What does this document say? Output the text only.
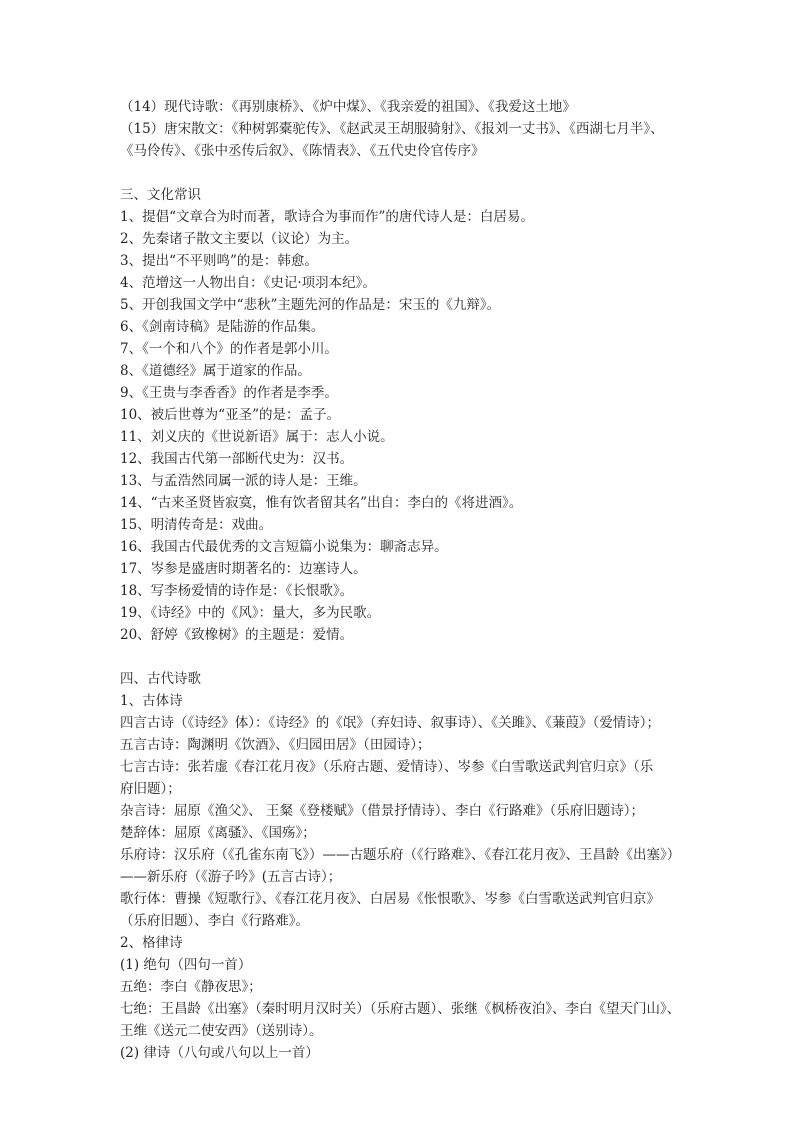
（14）现代诗歌：《再别康桥》、《炉中煤》、《我亲爱的祖国》、《我爱这土地》
（15）唐宋散文：《种树郭橐驼传》、《赵武灵王胡服骑射》、《报刘一丈书》、《西湖七月半》、
《马伶传》、《张中丞传后叙》、《陈情表》、《五代史伶官传序》
三、文化常识
1、提倡“文章合为时而著，歌诗合为事而作”的唐代诗人是：白居易。
2、先秦诸子散文主要以（议论）为主。
3、提出“不平则鸣”的是：韩愈。
4、范增这一人物出自：《史记·项羽本纪》。
5、开创我国文学中“悲秋”主题先河的作品是：宋玉的《九辩》。
6、《剑南诗稿》是陆游的作品集。
7、《一个和八个》的作者是郭小川。
8、《道德经》属于道家的作品。
9、《王贵与李香香》的作者是李季。
10、被后世尊为“亚圣”的是：孟子。
11、刘义庆的《世说新语》属于：志人小说。
12、我国古代第一部断代史为：汉书。
13、与孟浩然同属一派的诗人是：王维。
14、“古来圣贤皆寂寞，惟有饮者留其名”出自：李白的《将进酒》。
15、明清传奇是：戏曲。
16、我国古代最优秀的文言短篇小说集为：聊斋志异。
17、岑参是盛唐时期著名的：边塞诗人。
18、写李杨爱情的诗作是：《长恨歌》。
19、《诗经》中的《风》：量大，多为民歌。
20、舒婷《致橡树》的主题是：爱情。
四、古代诗歌
1、古体诗
四言古诗（《诗经》体）：《诗经》的《氓》（弃妇诗、叙事诗）、《关雎》、《蒹葭》（爱情诗）；
五言古诗：陶渊明《饮酒》、《归园田居》（田园诗）；
七言古诗：张若虚《春江花月夜》（乐府古题、爱情诗）、岑参《白雪歌送武判官归京》（乐
府旧题）；
杂言诗：屈原《渔父》、 王粲《登楼赋》（借景抒情诗）、李白《行路难》（乐府旧题诗）；
楚辞体：屈原《离骚》、《国殇》；
乐府诗：汉乐府（《孔雀东南飞》）——古题乐府（《行路难》、《春江花月夜》、王昌龄《出塞》）
——新乐府（《游子吟》(五言古诗）；
歌行体：曹操《短歌行》、《春江花月夜》、白居易《怅恨歌》、岑参《白雪歌送武判官归京》
（乐府旧题）、李白《行路难》。
2、格律诗
(1) 绝句（四句一首）
五绝：李白《静夜思》；
七绝：王昌龄《出塞》（秦时明月汉时关）（乐府古题）、张继《枫桥夜泊》、李白《望天门山》、
王维《送元二使安西》（送别诗）。
(2) 律诗（八句或八句以上一首）
